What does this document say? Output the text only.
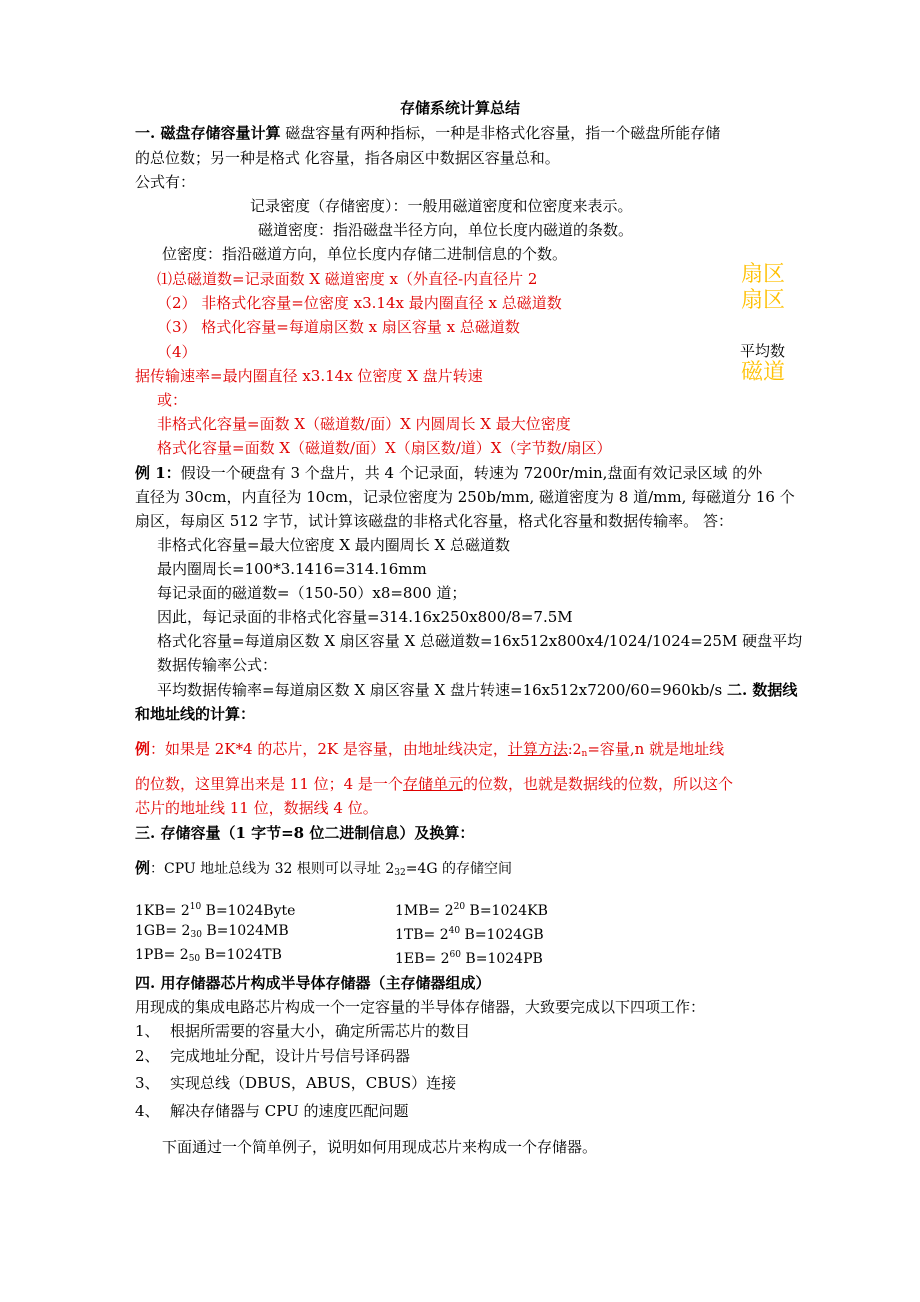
存储系统计算总结
一. 磁盘存储容量计算 磁盘容量有两种指标，一种是非格式化容量，指一个磁盘所能存储
的总位数；另一种是格式 化容量，指各扇区中数据区容量总和。
公式有：
记录密度（存储密度）：一般用磁道密度和位密度来表示。
磁道密度：指沿磁盘半径方向，单位长度内磁道的条数。
位密度：指沿磁道方向，单位长度内存储二进制信息的个数。
⑴总磁道数=记录面数 X 磁道密度 x（外直径-内直径片 2
（2） 非格式化容量=位密度 x3.14x 最内圈直径 x 总磁道数
（3） 格式化容量=每道扇区数 x 扇区容量 x 总磁道数
（4）
据传输速率=最内圈直径 x3.14x 位密度 X 盘片转速
扇区
扇区
平均数
磁道
或：
非格式化容量=面数 X（磁道数/面）X 内圆周长 X 最大位密度
格式化容量=面数 X（磁道数/面）X（扇区数/道）X（字节数/扇区）
例 1：假设一个硬盘有 3 个盘片，共 4 个记录面，转速为 7200r/min,盘面有效记录区域 的外
直径为 30cm，内直径为 10cm，记录位密度为 250b/mm, 磁道密度为 8 道/mm, 每磁道分 16 个
扇区，每扇区 512 字节，试计算该磁盘的非格式化容量，格式化容量和数据传输率。 答：
非格式化容量=最大位密度 X 最内圈周长 X 总磁道数
最内圈周长=100*3.1416=314.16mm
每记录面的磁道数=（150-50）x8=800 道；
因此，每记录面的非格式化容量=314.16x250x800/8=7.5M
格式化容量=每道扇区数 X 扇区容量 X 总磁道数=16x512x800x4/1024/1024=25M 硬盘平均
数据传输率公式：
平均数据传输率=每道扇区数 X 扇区容量 X 盘片转速=16x512x7200/60=960kb/s 二. 数据线
和地址线的计算：
例：如果是 2K*4 的芯片，2K 是容量，由地址线决定，计算方法$:2_n=$容量,n 就是地址线
的位数，这里算出来是 11 位；4 是一个存储单元的位数，也就是数据线的位数，所以这个
芯片的地址线 11 位，数据线 4 位。
三. 存储容量（1 字节=8 位二进制信息）及换算：
例：CPU 地址总线为 32 根则可以寻址 $2_{32}=4G$ 的存储空间
$1KB= 2^{10}$ B=1024Byte	$1MB= 2^{20}$ B=1024KB
$1GB= 2_{30}$ B=1024MB	$1TB= 2^{40}$ B=1024GB
$1PB= 2_{50}$ B=1024TB	$1EB= 2^{60}$ B=1024PB
四. 用存储器芯片构成半导体存储器（主存储器组成）
用现成的集成电路芯片构成一个一定容量的半导体存储器，大致要完成以下四项工作：
1、 根据所需要的容量大小，确定所需芯片的数目
2、 完成地址分配，设计片号信号译码器
3、 实现总线（DBUS，ABUS，CBUS）连接
4、 解决存储器与 CPU 的速度匹配问题
下面通过一个简单例子，说明如何用现成芯片来构成一个存储器。
